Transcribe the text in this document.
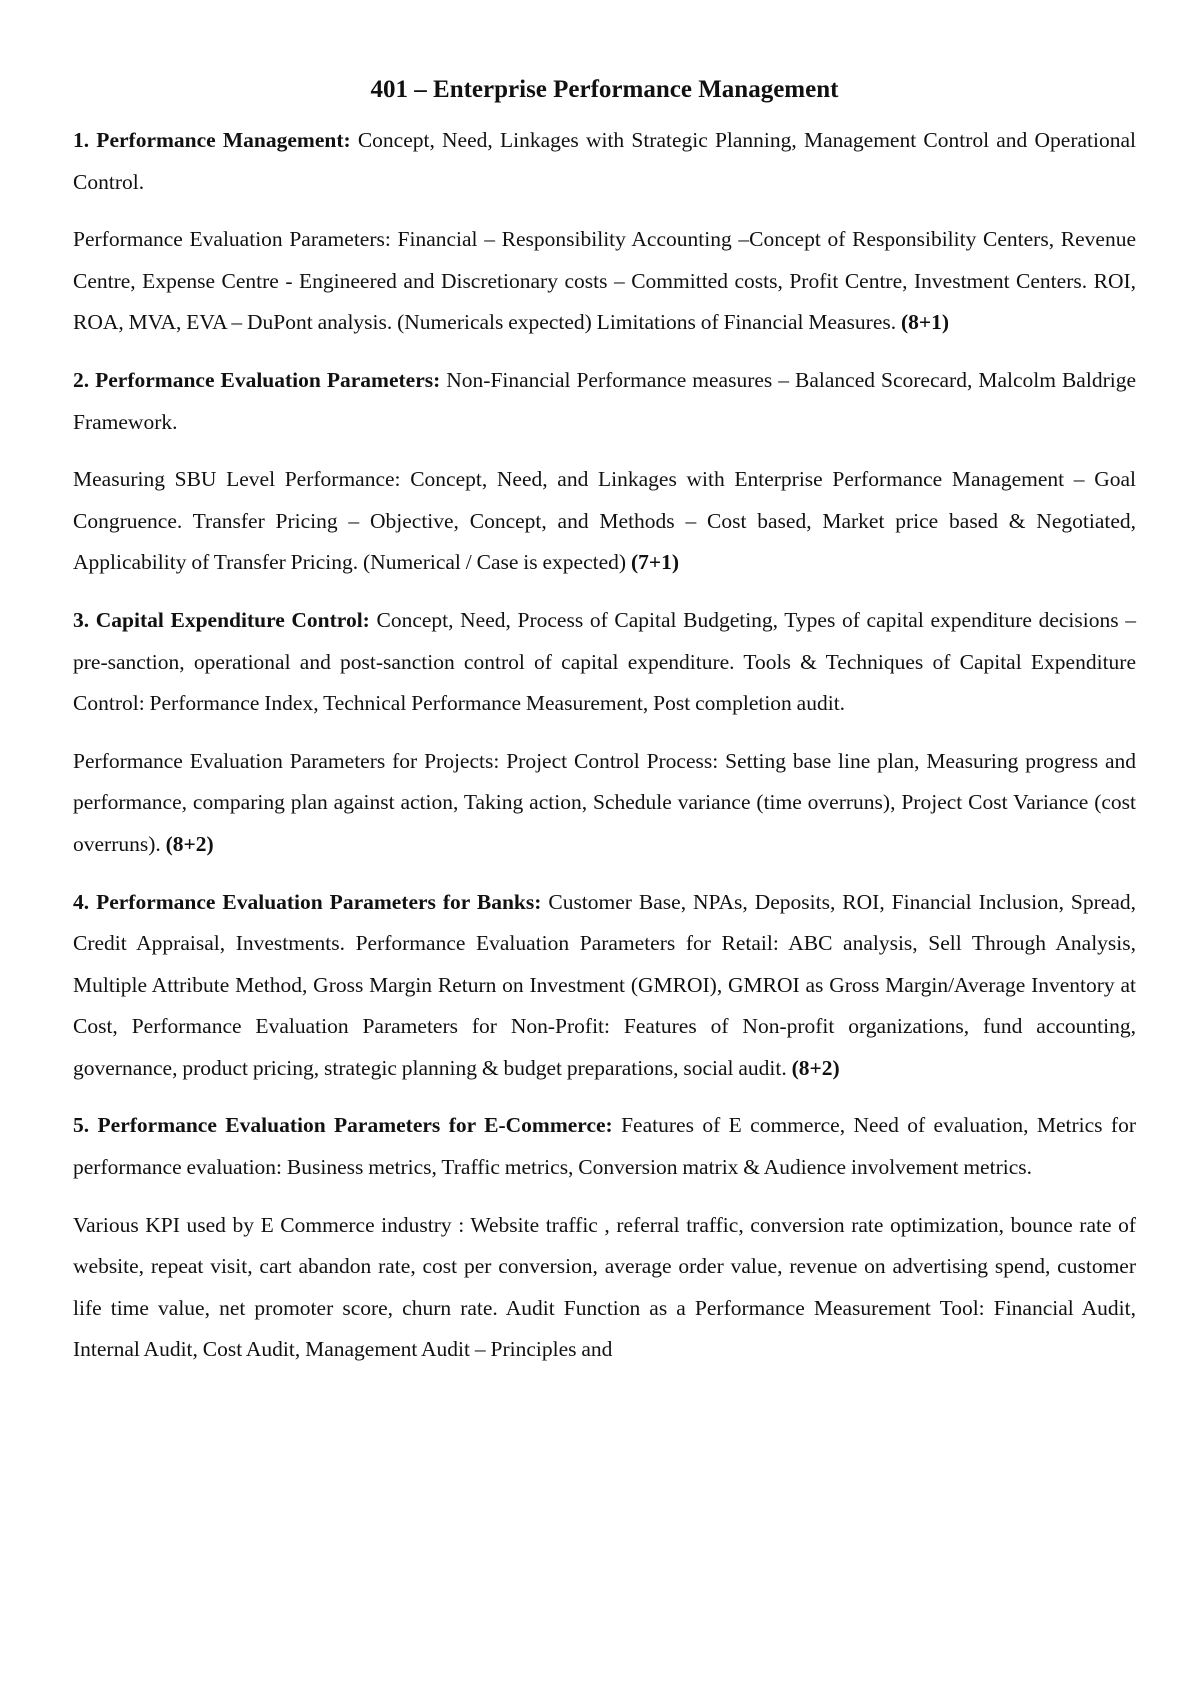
401 – Enterprise Performance Management

1. Performance Management: Concept, Need, Linkages with Strategic Planning, Management Control and Operational Control.

Performance Evaluation Parameters: Financial – Responsibility Accounting –Concept of Responsibility Centers, Revenue Centre, Expense Centre - Engineered and Discretionary costs – Committed costs, Profit Centre, Investment Centers. ROI, ROA, MVA, EVA – DuPont analysis. (Numericals expected) Limitations of Financial Measures. (8+1)

2. Performance Evaluation Parameters: Non-Financial Performance measures – Balanced Scorecard, Malcolm Baldrige Framework.

Measuring SBU Level Performance: Concept, Need, and Linkages with Enterprise Performance Management – Goal Congruence. Transfer Pricing – Objective, Concept, and Methods – Cost based, Market price based & Negotiated, Applicability of Transfer Pricing. (Numerical / Case is expected) (7+1)

3. Capital Expenditure Control: Concept, Need, Process of Capital Budgeting, Types of capital expenditure decisions – pre-sanction, operational and post-sanction control of capital expenditure. Tools & Techniques of Capital Expenditure Control: Performance Index, Technical Performance Measurement, Post completion audit.

Performance Evaluation Parameters for Projects: Project Control Process: Setting base line plan, Measuring progress and performance, comparing plan against action, Taking action, Schedule variance (time overruns), Project Cost Variance (cost overruns). (8+2)

4. Performance Evaluation Parameters for Banks: Customer Base, NPAs, Deposits, ROI, Financial Inclusion, Spread, Credit Appraisal, Investments. Performance Evaluation Parameters for Retail: ABC analysis, Sell Through Analysis, Multiple Attribute Method, Gross Margin Return on Investment (GMROI), GMROI as Gross Margin/Average Inventory at Cost, Performance Evaluation Parameters for Non-Profit: Features of Non-profit organizations, fund accounting, governance, product pricing, strategic planning & budget preparations, social audit. (8+2)

5. Performance Evaluation Parameters for E-Commerce: Features of E commerce, Need of evaluation, Metrics for performance evaluation: Business metrics, Traffic metrics, Conversion matrix & Audience involvement metrics.

Various KPI used by E Commerce industry : Website traffic , referral traffic, conversion rate optimization, bounce rate of website, repeat visit, cart abandon rate, cost per conversion, average order value, revenue on advertising spend, customer life time value, net promoter score, churn rate. Audit Function as a Performance Measurement Tool: Financial Audit, Internal Audit, Cost Audit, Management Audit – Principles and
